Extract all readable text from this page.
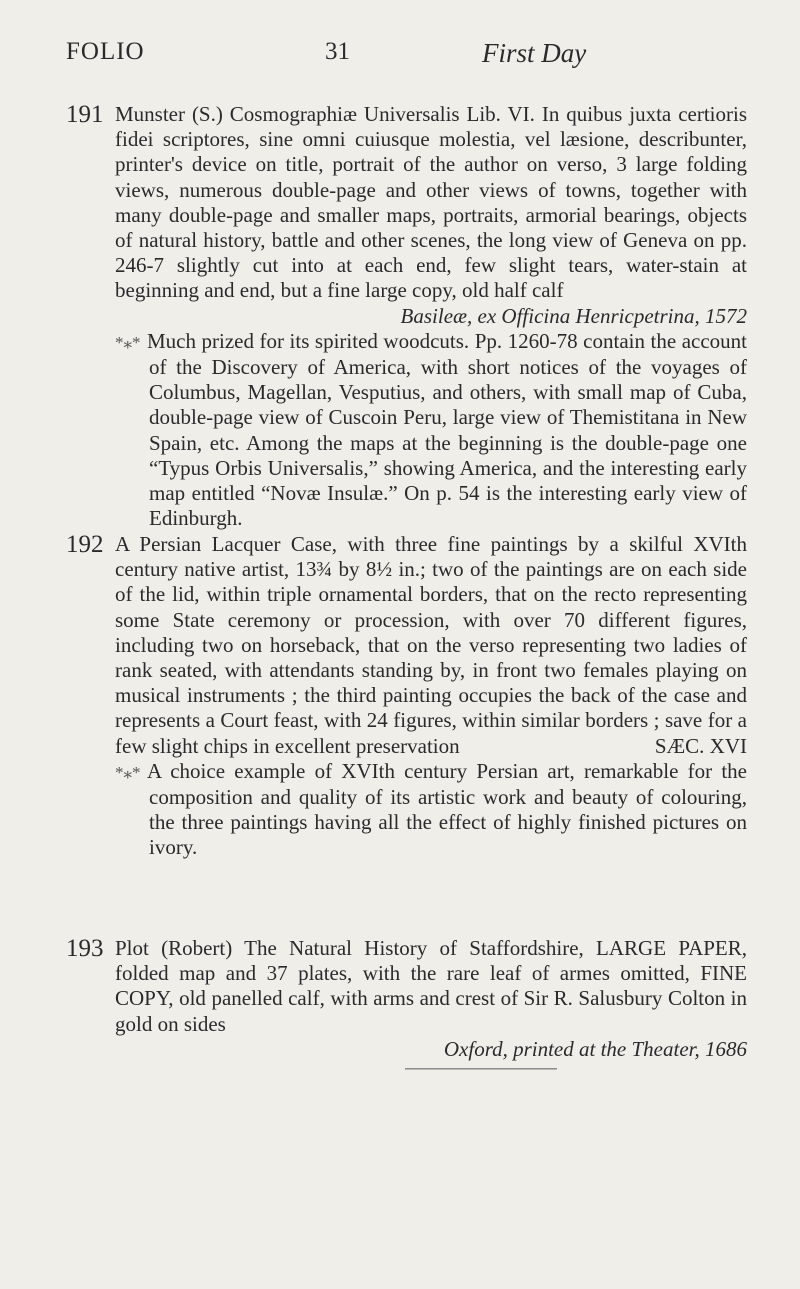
FOLIO	31	First Day
191 Munster (S.) Cosmographiæ Universalis Lib. VI. In quibus juxta certioris fidei scriptores, sine omni cuiusque molestia, vel læsione, describunter, printer's device on title, portrait of the author on verso, 3 large folding views, numerous double-page and other views of towns, together with many double-page and smaller maps, portraits, armorial bearings, objects of natural history, battle and other scenes, the long view of Geneva on pp. 246-7 slightly cut into at each end, few slight tears, water-stain at beginning and end, but a fine large copy, old half calf

Basileæ, ex Officina Henricpetrina, 1572
*⁎* Much prized for its spirited woodcuts. Pp. 1260-78 contain the account of the Discovery of America, with short notices of the voyages of Columbus, Magellan, Vesputius, and others, with small map of Cuba, double-page view of Cuscoin Peru, large view of Themistitana in New Spain, etc. Among the maps at the beginning is the double-page one “Typus Orbis Universalis,” showing America, and the interesting early map entitled “Novæ Insulæ.” On p. 54 is the interesting early view of Edinburgh.
192 A Persian Lacquer Case, with three fine paintings by a skilful XVIth century native artist, 13¾ by 8½ in.; two of the paintings are on each side of the lid, within triple ornamental borders, that on the recto representing some State ceremony or procession, with over 70 different figures, including two on horseback, that on the verso representing two ladies of rank seated, with attendants standing by, in front two females playing on musical instruments ; the third painting occupies the back of the case and represents a Court feast, with 24 figures, within similar borders ; save for a few slight chips in excellent preservation	SÆC. XVI
*⁎* A choice example of XVIth century Persian art, remarkable for the composition and quality of its artistic work and beauty of colouring, the three paintings having all the effect of highly finished pictures on ivory.
193 Plot (Robert) The Natural History of Staffordshire, LARGE PAPER, folded map and 37 plates, with the rare leaf of armes omitted, FINE COPY, old panelled calf, with arms and crest of Sir R. Salusbury Colton in gold on sides

Oxford, printed at the Theater, 1686
